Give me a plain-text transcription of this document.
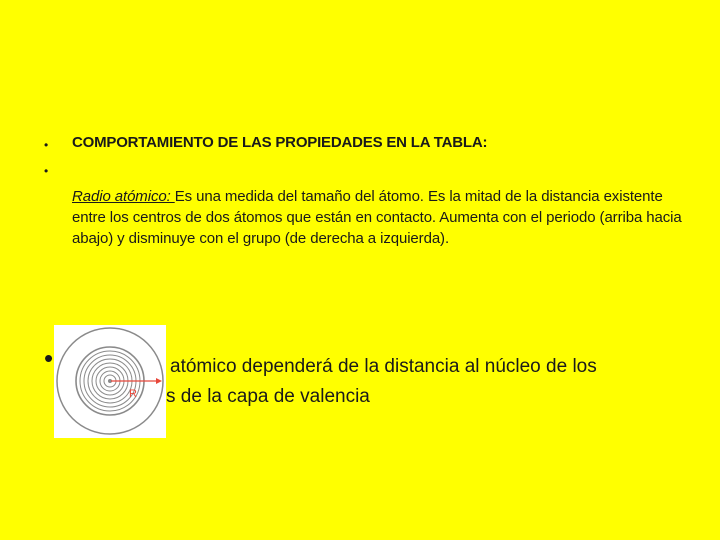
• COMPORTAMIENTO DE LAS PROPIEDADES EN LA TABLA:
•
Radio atómico: Es una medida del tamaño del átomo. Es la mitad de la distancia existente entre los centros de dos átomos que están en contacto. Aumenta con el periodo (arriba hacia abajo) y disminuye con el grupo (de derecha a izquierda).
•	atómico dependerá de la distancia al núcleo de los
s de la capa de valencia
R
